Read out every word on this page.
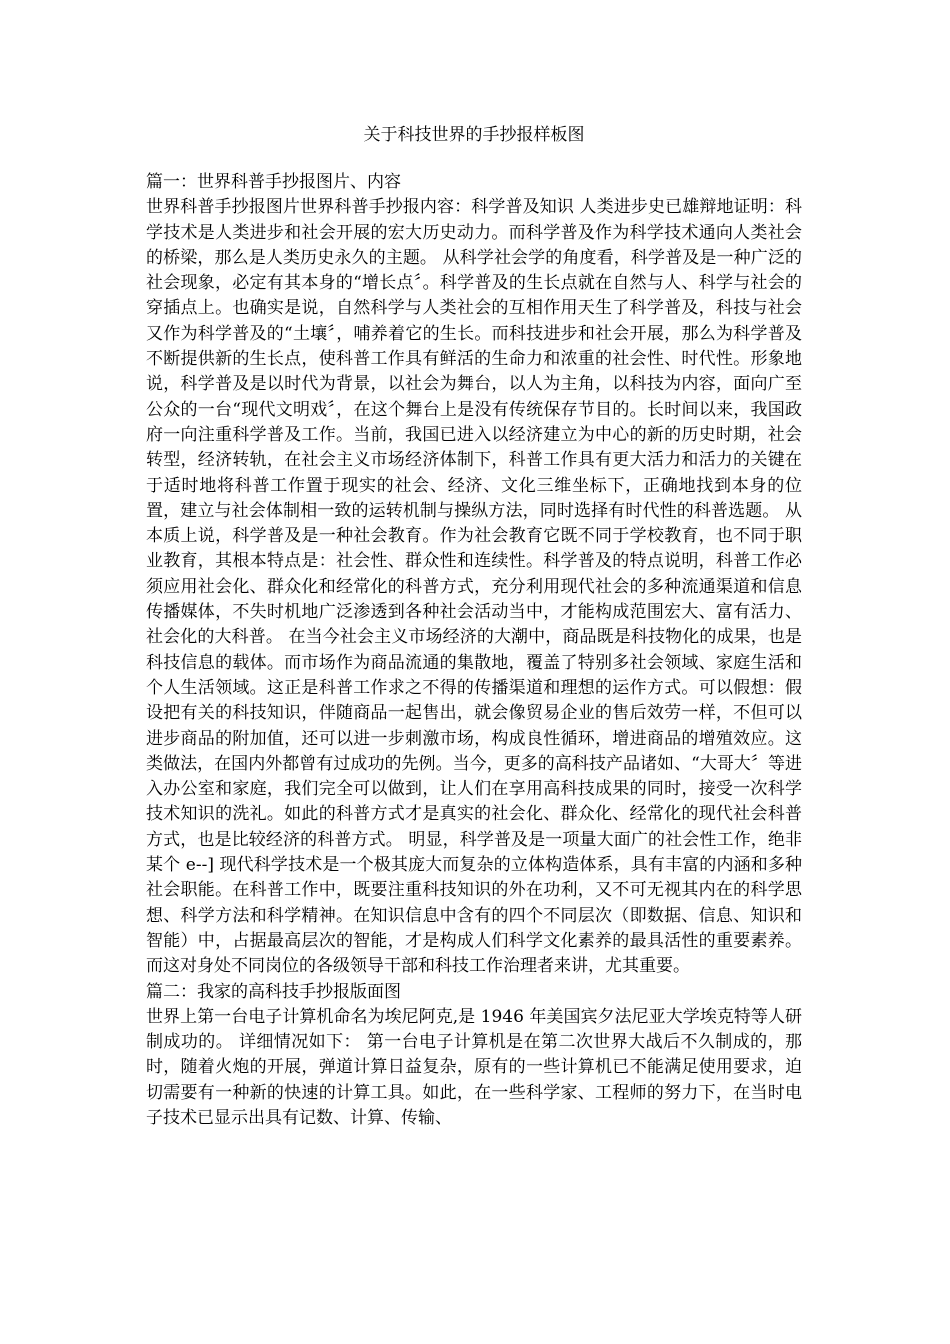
关于科技世界的手抄报样板图

篇一：世界科普手抄报图片、内容

世界科普手抄报图片世界科普手抄报内容：科学普及知识 人类进步史已雄辩地证明：科学技术是人类进步和社会开展的宏大历史动力。而科学普及作为科学技术通向人类社会的桥梁，那么是人类历史永久的主题。 从科学社会学的角度看，科学普及是一种广泛的社会现象，必定有其本身的“增长点〞。科学普及的生长点就在自然与人、科学与社会的穿插点上。也确实是说，自然科学与人类社会的互相作用天生了科学普及，科技与社会又作为科学普及的“土壤〞，哺养着它的生长。而科技进步和社会开展，那么为科学普及不断提供新的生长点，使科普工作具有鲜活的生命力和浓重的社会性、时代性。形象地说，科学普及是以时代为背景，以社会为舞台，以人为主角，以科技为内容，面向广至公众的一台“现代文明戏〞，在这个舞台上是没有传统保存节目的。长时间以来，我国政府一向注重科学普及工作。当前，我国已进入以经济建立为中心的新的历史时期，社会转型，经济转轨，在社会主义市场经济体制下，科普工作具有更大活力和活力的关键在于适时地将科普工作置于现实的社会、经济、文化三维坐标下，正确地找到本身的位置，建立与社会体制相一致的运转机制与操纵方法，同时选择有时代性的科普选题。 从本质上说，科学普及是一种社会教育。作为社会教育它既不同于学校教育，也不同于职业教育，其根本特点是：社会性、群众性和连续性。科学普及的特点说明，科普工作必须应用社会化、群众化和经常化的科普方式，充分利用现代社会的多种流通渠道和信息传播媒体，不失时机地广泛渗透到各种社会活动当中，才能构成范围宏大、富有活力、社会化的大科普。 在当今社会主义市场经济的大潮中，商品既是科技物化的成果，也是科技信息的载体。而市场作为商品流通的集散地，覆盖了特别多社会领域、家庭生活和个人生活领域。这正是科普工作求之不得的传播渠道和理想的运作方式。可以假想：假设把有关的科技知识，伴随商品一起售出，就会像贸易企业的售后效劳一样，不但可以进步商品的附加值，还可以进一步刺激市场，构成良性循环，增进商品的增殖效应。这类做法，在国内外都曾有过成功的先例。当今，更多的高科技产品诸如、“大哥大〞等进入办公室和家庭，我们完全可以做到，让人们在享用高科技成果的同时，接受一次科学技术知识的洗礼。如此的科普方式才是真实的社会化、群众化、经常化的现代社会科普方式，也是比较经济的科普方式。 明显，科学普及是一项量大面广的社会性工作，绝非某个 e--] 现代科学技术是一个极其庞大而复杂的立体构造体系，具有丰富的内涵和多种社会职能。在科普工作中，既要注重科技知识的外在功利，又不可无视其内在的科学思想、科学方法和科学精神。在知识信息中含有的四个不同层次（即数据、信息、知识和智能）中，占据最高层次的智能，才是构成人们科学文化素养的最具活性的重要素养。而这对身处不同岗位的各级领导干部和科技工作治理者来讲，尤其重要。

篇二：我家的高科技手抄报版面图

世界上第一台电子计算机命名为埃尼阿克,是 1946 年美国宾夕法尼亚大学埃克特等人研制成功的。 详细情况如下： 第一台电子计算机是在第二次世界大战后不久制成的，那时，随着火炮的开展，弹道计算日益复杂，原有的一些计算机已不能满足使用要求，迫切需要有一种新的快速的计算工具。如此，在一些科学家、工程师的努力下，在当时电子技术已显示出具有记数、计算、传输、
